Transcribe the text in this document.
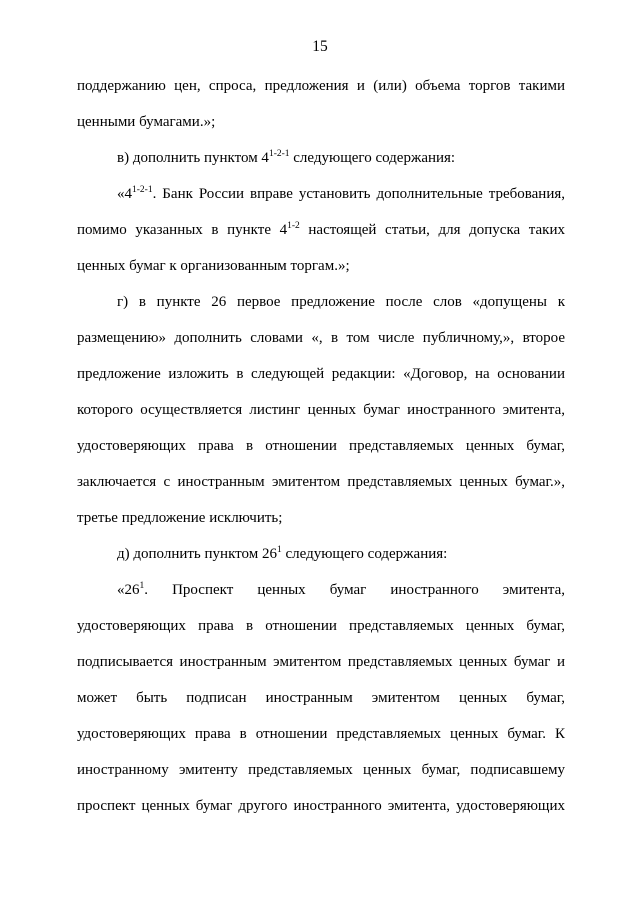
15
поддержанию цен, спроса, предложения и (или) объема торгов такими
ценными бумагами.»;
в) дополнить пунктом 4$^{1-2-1}$ следующего содержания:
«4$^{1-2-1}$. Банк России вправе установить дополнительные требования,
помимо указанных в пункте 4$^{1-2}$ настоящей статьи, для допуска таких
ценных бумаг к организованным торгам.»;
г) в пункте 26 первое предложение после слов «допущены к
размещению» дополнить словами «, в том числе публичному,», второе
предложение изложить в следующей редакции: «Договор, на основании
которого осуществляется листинг ценных бумаг иностранного эмитента,
удостоверяющих права в отношении представляемых ценных бумаг,
заключается с иностранным эмитентом представляемых ценных бумаг.»,
третье предложение исключить;
д) дополнить пунктом $26^1$ следующего содержания:
«$26^1$. Проспект ценных бумаг иностранного эмитента,
удостоверяющих права в отношении представляемых ценных бумаг,
подписывается иностранным эмитентом представляемых ценных бумаг и
может быть подписан иностранным эмитентом ценных бумаг,
удостоверяющих права в отношении представляемых ценных бумаг. К
иностранному эмитенту представляемых ценных бумаг, подписавшему
проспект ценных бумаг другого иностранного эмитента, удостоверяющих
